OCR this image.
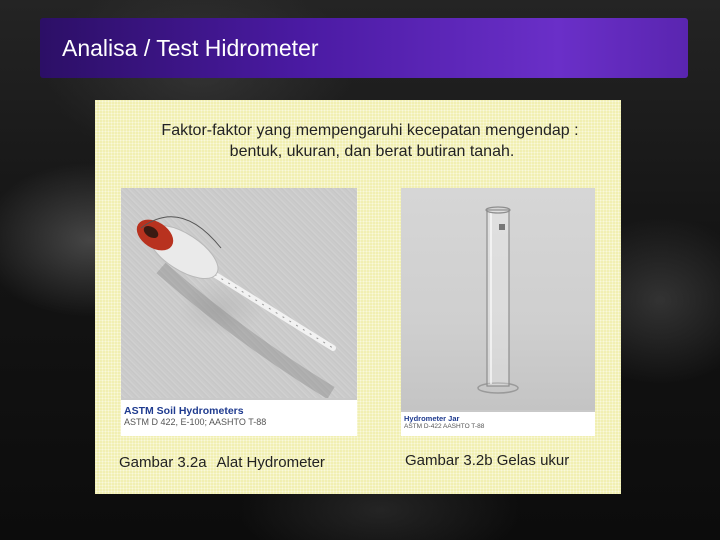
Analisa / Test Hidrometer
Faktor-faktor yang mempengaruhi kecepatan mengendap :
bentuk, ukuran, dan berat butiran tanah.
ASTM Soil Hydrometers
ASTM D 422, E-100; AASHTO T-88	Hydrometer Jar
ASTM D-422 AASHTO T-88
Gambar 3.2a Alat Hydrometer	Gambar 3.2b Gelas ukur
